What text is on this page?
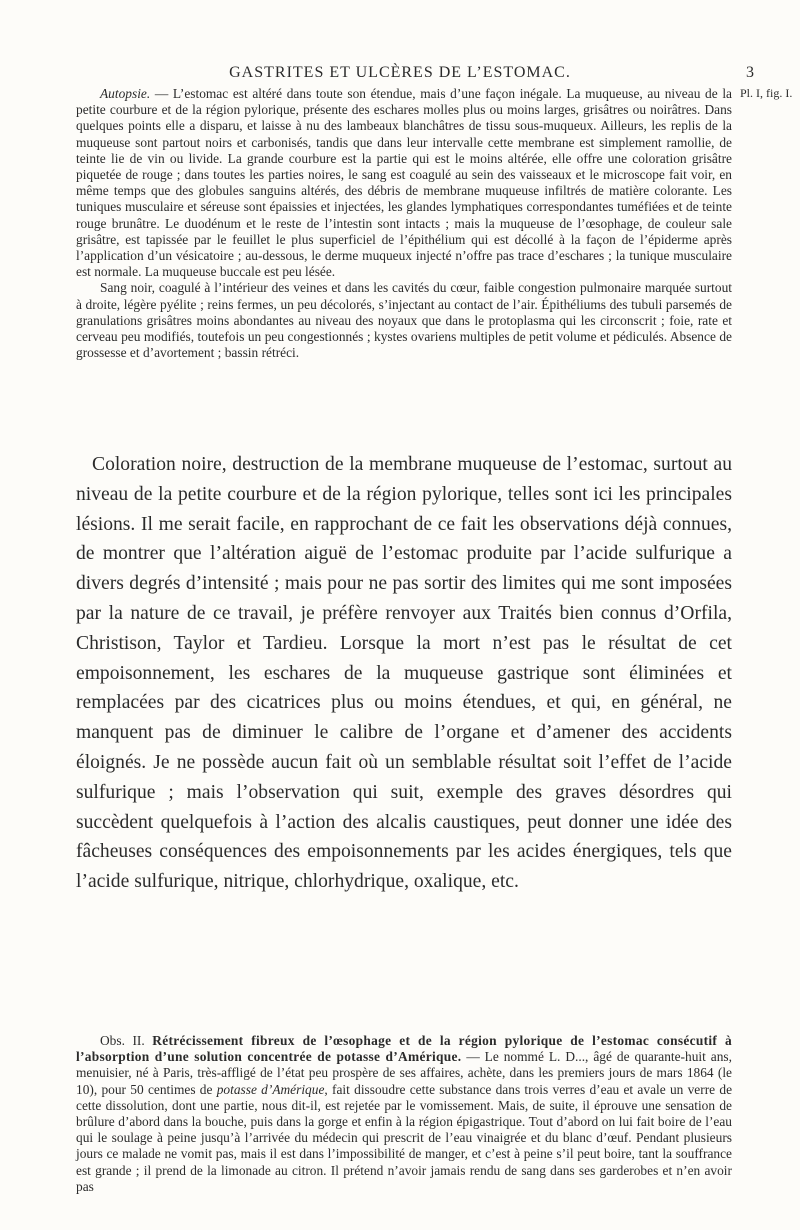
GASTRITES ET ULCÈRES DE L’ESTOMAC.	3
Pl. I, fig. I.

Autopsie. — L’estomac est altéré dans toute son étendue, mais d’une façon inégale. La muqueuse, au niveau de la petite courbure et de la région pylorique, présente des eschares molles plus ou moins larges, grisâtres ou noirâtres. Dans quelques points elle a disparu, et laisse à nu des lambeaux blanchâtres de tissu sous-muqueux. Ailleurs, les replis de la muqueuse sont partout noirs et carbonisés, tandis que dans leur intervalle cette membrane est simplement ramollie, de teinte lie de vin ou livide. La grande courbure est la partie qui est le moins altérée, elle offre une coloration grisâtre piquetée de rouge ; dans toutes les parties noires, le sang est coagulé au sein des vaisseaux et le microscope fait voir, en même temps que des globules sanguins altérés, des débris de membrane muqueuse infiltrés de matière colorante. Les tuniques musculaire et séreuse sont épaissies et injectées, les glandes lymphatiques correspondantes tuméfiées et de teinte rouge brunâtre. Le duodénum et le reste de l’intestin sont intacts ; mais la muqueuse de l’œsophage, de couleur sale grisâtre, est tapissée par le feuillet le plus superficiel de l’épithélium qui est décollé à la façon de l’épiderme après l’application d’un vésicatoire ; au-dessous, le derme muqueux injecté n’offre pas trace d’eschares ; la tunique musculaire est normale. La muqueuse buccale est peu lésée.

Sang noir, coagulé à l’intérieur des veines et dans les cavités du cœur, faible congestion pulmonaire marquée surtout à droite, légère pyélite ; reins fermes, un peu décolorés, s’injectant au contact de l’air. Épithéliums des tubuli parsemés de granulations grisâtres moins abondantes au niveau des noyaux que dans le protoplasma qui les circonscrit ; foie, rate et cerveau peu modifiés, toutefois un peu congestionnés ; kystes ovariens multiples de petit volume et pédiculés. Absence de grossesse et d’avortement ; bassin rétréci.

Coloration noire, destruction de la membrane muqueuse de l’estomac, surtout au niveau de la petite courbure et de la région pylorique, telles sont ici les principales lésions. Il me serait facile, en rapprochant de ce fait les observations déjà connues, de montrer que l’altération aiguë de l’estomac produite par l’acide sulfurique a divers degrés d’intensité ; mais pour ne pas sortir des limites qui me sont imposées par la nature de ce travail, je préfère renvoyer aux Traités bien connus d’Orfila, Christison, Taylor et Tardieu. Lorsque la mort n’est pas le résultat de cet empoisonnement, les eschares de la muqueuse gastrique sont éliminées et remplacées par des cicatrices plus ou moins étendues, et qui, en général, ne manquent pas de diminuer le calibre de l’organe et d’amener des accidents éloignés. Je ne possède aucun fait où un semblable résultat soit l’effet de l’acide sulfurique ; mais l’observation qui suit, exemple des graves désordres qui succèdent quelquefois à l’action des alcalis caustiques, peut donner une idée des fâcheuses conséquences des empoisonnements par les acides énergiques, tels que l’acide sulfurique, nitrique, chlorhydrique, oxalique, etc.

Obs. II. Rétrécissement fibreux de l’œsophage et de la région pylorique de l’estomac consécutif à l’absorption d’une solution concentrée de potasse d’Amérique. — Le nommé L. D..., âgé de quarante-huit ans, menuisier, né à Paris, très-affligé de l’état peu prospère de ses affaires, achète, dans les premiers jours de mars 1864 (le 10), pour 50 centimes de potasse d’Amérique, fait dissoudre cette substance dans trois verres d’eau et avale un verre de cette dissolution, dont une partie, nous dit-il, est rejetée par le vomissement. Mais, de suite, il éprouve une sensation de brûlure d’abord dans la bouche, puis dans la gorge et enfin à la région épigastrique. Tout d’abord on lui fait boire de l’eau qui le soulage à peine jusqu’à l’arrivée du médecin qui prescrit de l’eau vinaigrée et du blanc d’œuf. Pendant plusieurs jours ce malade ne vomit pas, mais il est dans l’impossibilité de manger, et c’est à peine s’il peut boire, tant la souffrance est grande ; il prend de la limonade au citron. Il prétend n’avoir jamais rendu de sang dans ses garderobes et n’en avoir pas
